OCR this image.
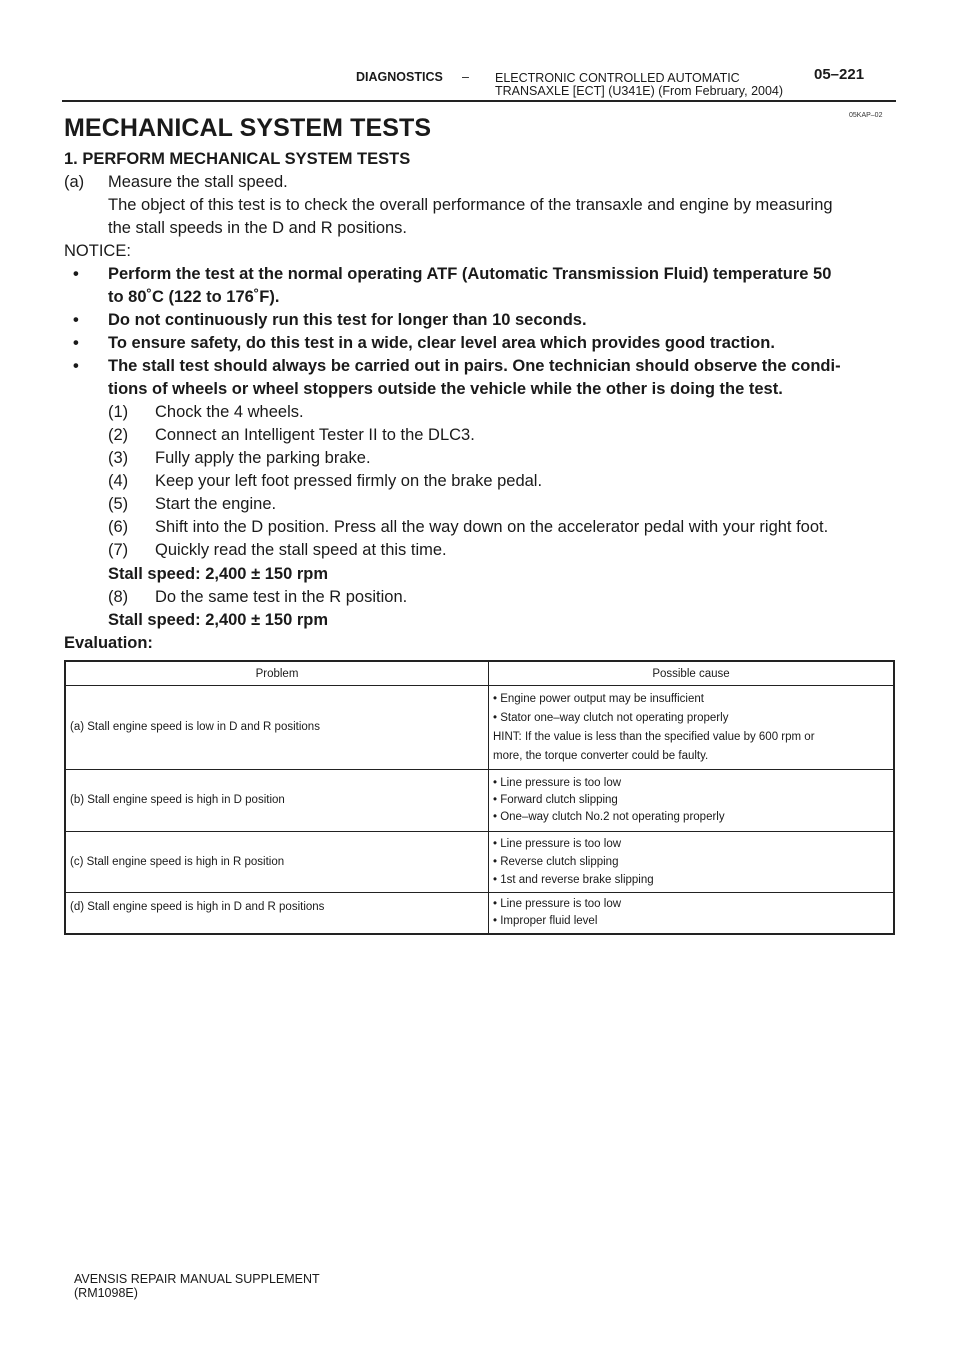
DIAGNOSTICS – ELECTRONIC CONTROLLED AUTOMATIC
TRANSAXLE [ECT] (U341E) (From February, 2004)
05–221
MECHANICAL SYSTEM TESTS	05KAP–02
1. PERFORM MECHANICAL SYSTEM TESTS
(a) Measure the stall speed.
The object of this test is to check the overall performance of the transaxle and engine by measuring
the stall speeds in the D and R positions.
NOTICE:
• Perform the test at the normal operating ATF (Automatic Transmission Fluid) temperature 50
to 80˚C (122 to 176˚F).
• Do not continuously run this test for longer than 10 seconds.
• To ensure safety, do this test in a wide, clear level area which provides good traction.
• The stall test should always be carried out in pairs. One technician should observe the condi-
tions of wheels or wheel stoppers outside the vehicle while the other is doing the test.
(1) Chock the 4 wheels.
(2) Connect an Intelligent Tester II to the DLC3.
(3) Fully apply the parking brake.
(4) Keep your left foot pressed firmly on the brake pedal.
(5) Start the engine.
(6) Shift into the D position. Press all the way down on the accelerator pedal with your right foot.
(7) Quickly read the stall speed at this time.
Stall speed: 2,400 ± 150 rpm
(8) Do the same test in the R position.
Stall speed: 2,400 ± 150 rpm
Evaluation:
Problem	Possible cause
(a) Stall engine speed is low in D and R positions	• Engine power output may be insufficient
• Stator one–way clutch not operating properly
HINT: If the value is less than the specified value by 600 rpm or
more, the torque converter could be faulty.

(b) Stall engine speed is high in D position	• Line pressure is too low
• Forward clutch slipping
• One–way clutch No.2 not operating properly

(c) Stall engine speed is high in R position	• Line pressure is too low
• Reverse clutch slipping
• 1st and reverse brake slipping

(d) Stall engine speed is high in D and R positions	• Line pressure is too low
• Improper fluid level
AVENSIS REPAIR MANUAL SUPPLEMENT
(RM1098E)
